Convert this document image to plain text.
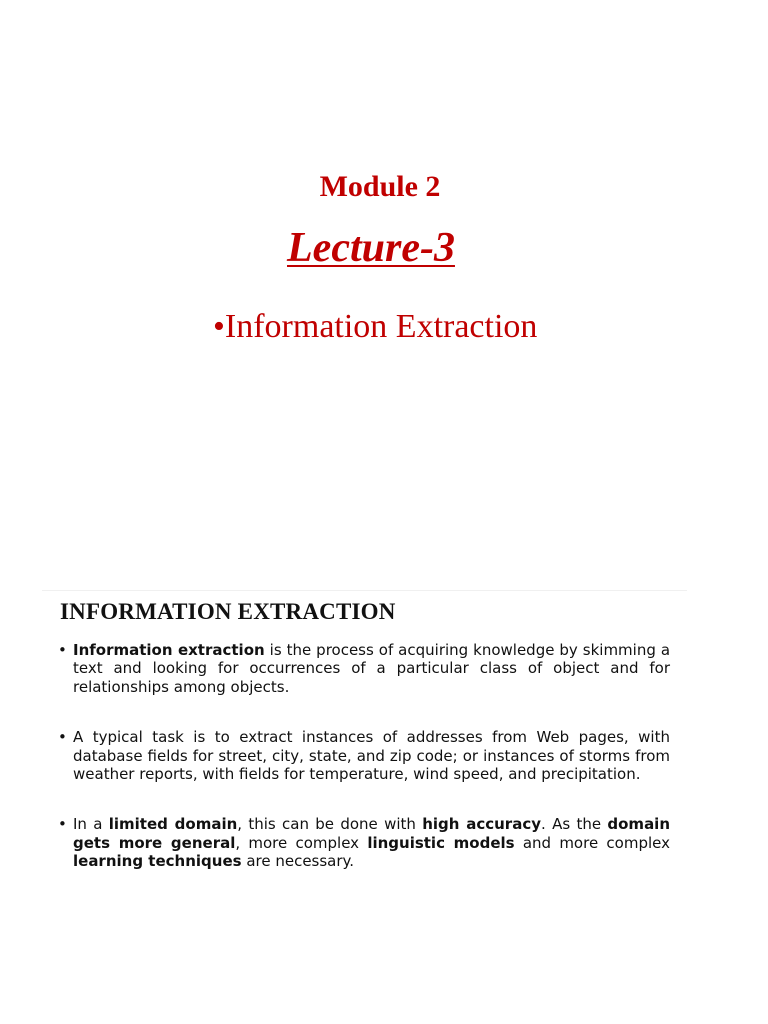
Module 2
Lecture-3

•Information Extraction

INFORMATION EXTRACTION
• Information extraction is the process of acquiring knowledge by skimming a text and looking for occurrences of a particular class of object and for relationships among objects.
• A typical task is to extract instances of addresses from Web pages, with database fields for street, city, state, and zip code; or instances of storms from weather reports, with fields for temperature, wind speed, and precipitation.
• In a limited domain, this can be done with high accuracy. As the domain gets more general, more complex linguistic models and more complex learning techniques are necessary.
